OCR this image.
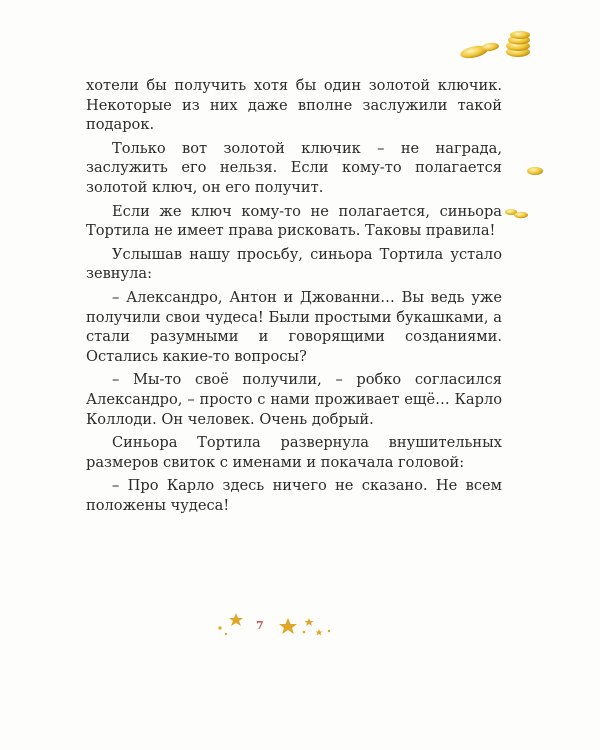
хотели бы получить хотя бы один золотой ключик. Некоторые из них даже вполне заслужили такой подарок.

Только вот золотой ключик – не награда, заслужить его нельзя. Если кому-то полагается золотой ключ, он его получит.

Если же ключ кому-то не полагается, синьора Тортила не имеет права рисковать. Таковы правила!

Услышав нашу просьбу, синьора Тортила устало зевнула:

– Александро, Антон и Джованни… Вы ведь уже получили свои чудеса! Были простыми букашками, а стали разумными и говорящими созданиями. Остались какие-то вопросы?

– Мы-то своё получили, – робко согласился Александро, – просто с нами проживает ещё… Карло Коллоди. Он человек. Очень добрый.

Синьора Тортила развернула внушительных размеров свиток с именами и покачала головой:

– Про Карло здесь ничего не сказано. Не всем положены чудеса!

7
